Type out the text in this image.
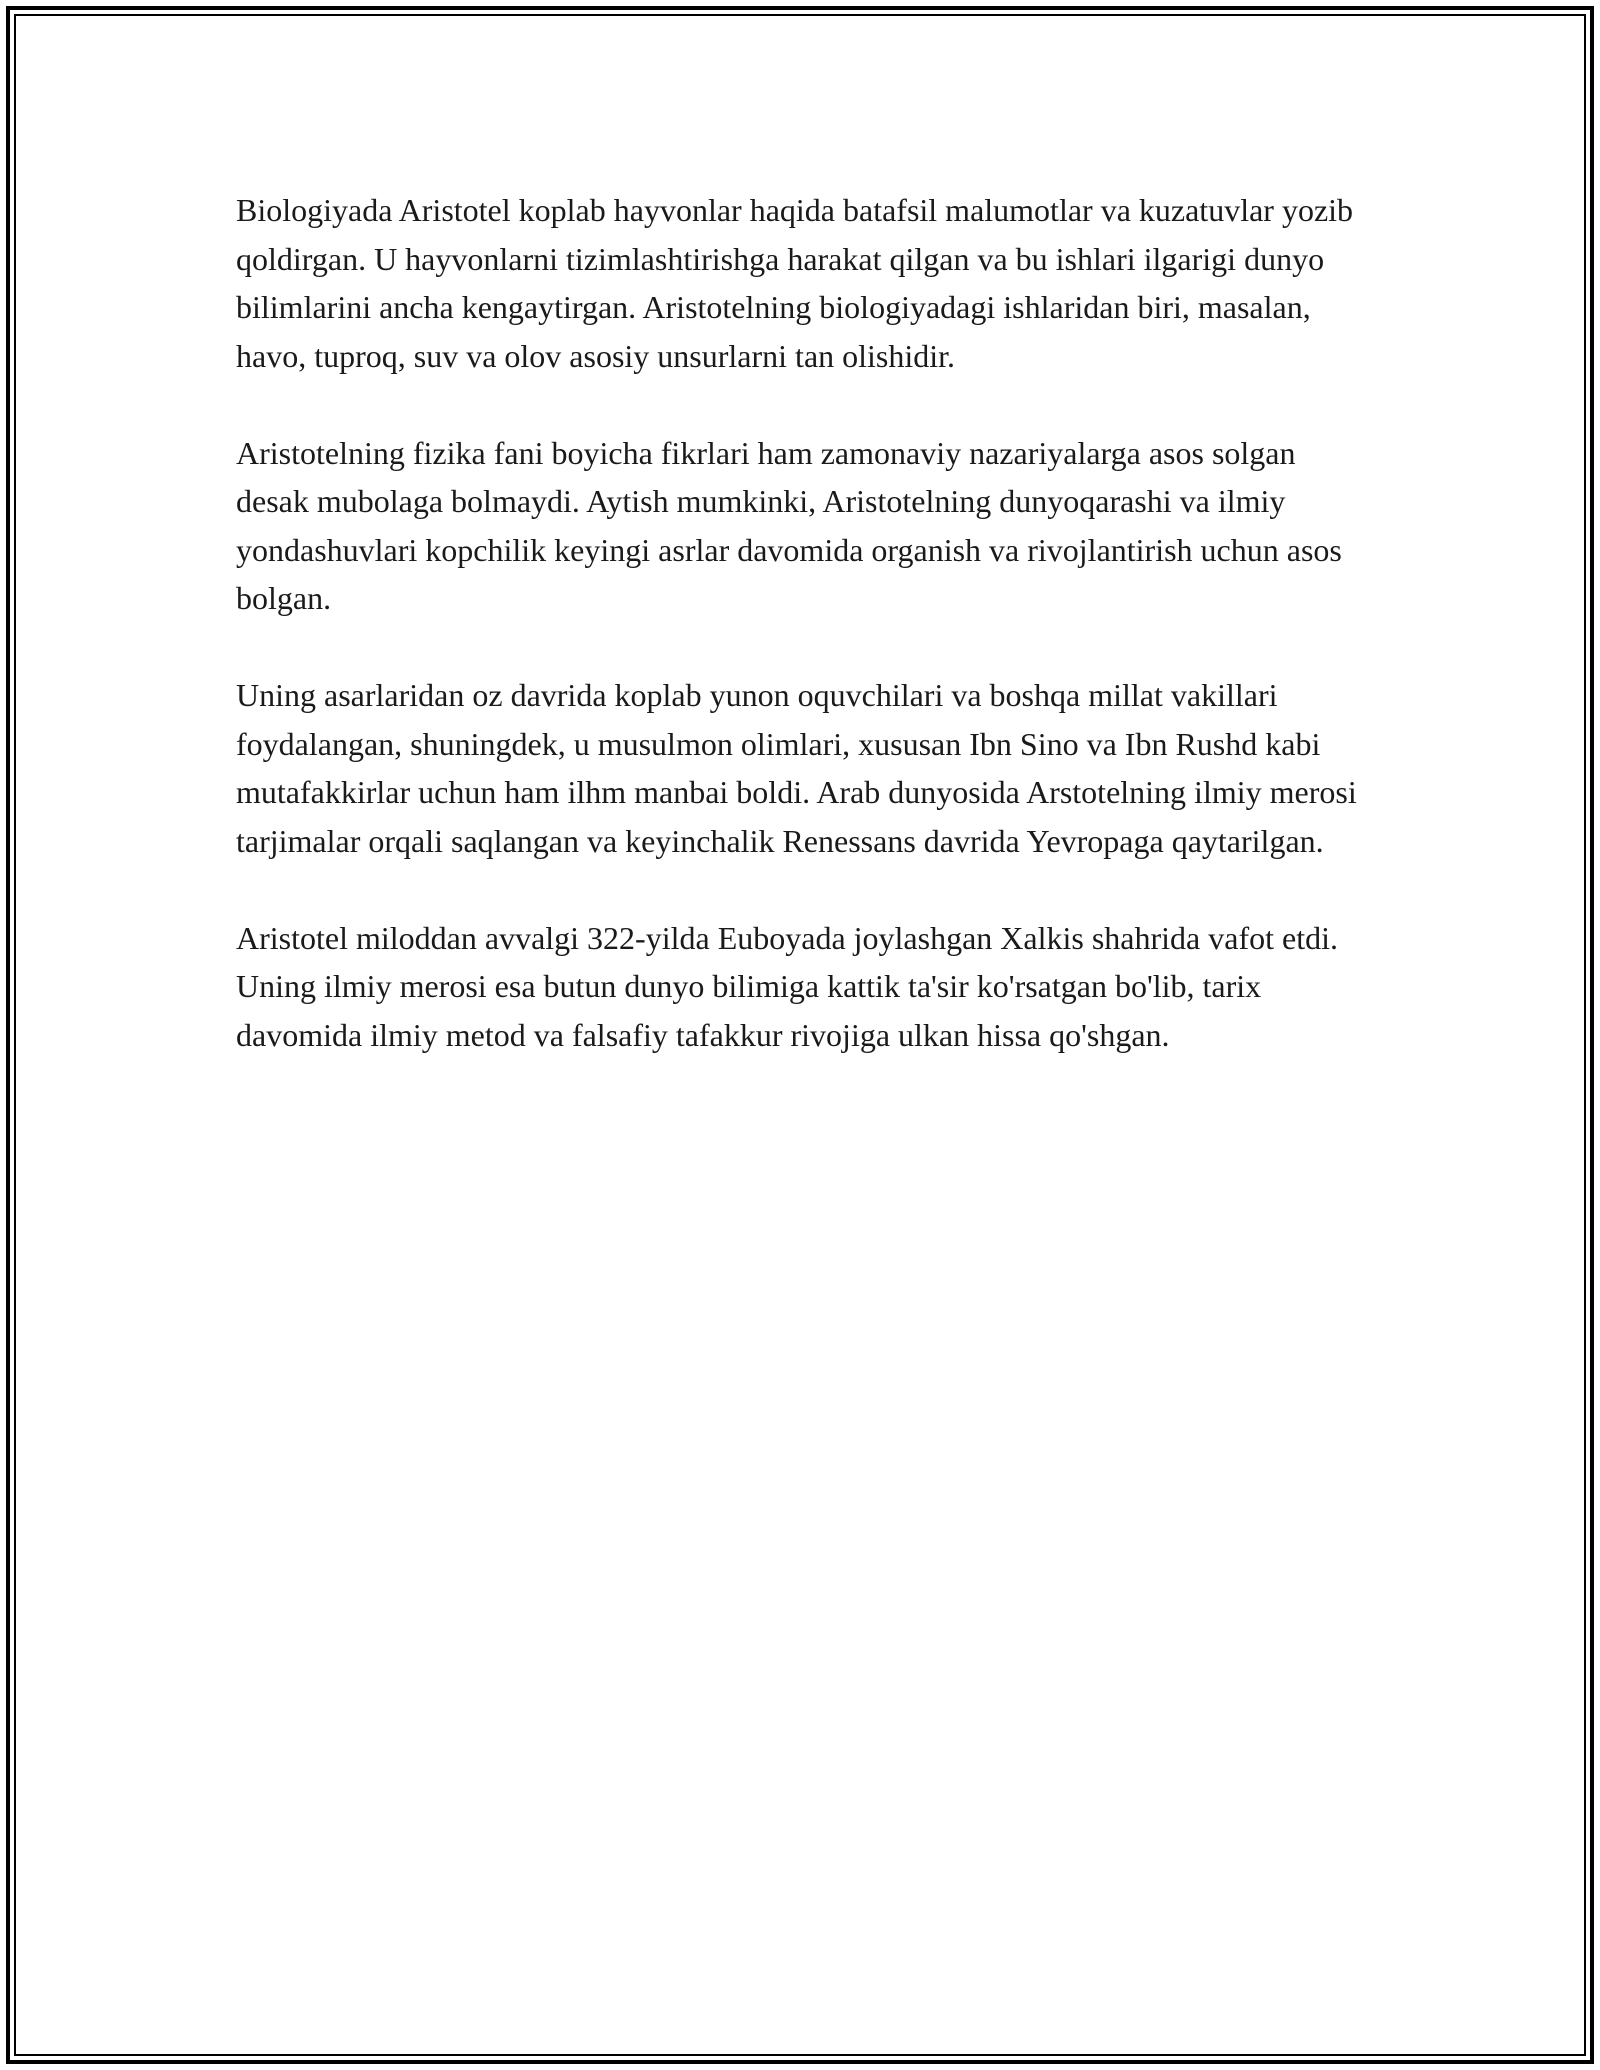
Biologiyada Aristotel koplab hayvonlar haqida batafsil malumotlar va kuzatuvlar yozib qoldirgan. U hayvonlarni tizimlashtirishga harakat qilgan va bu ishlari ilgarigi dunyo bilimlarini ancha kengaytirgan. Aristotelning biologiyadagi ishlaridan biri, masalan, havo, tuproq, suv va olov asosiy unsurlarni tan olishidir.

Aristotelning fizika fani boyicha fikrlari ham zamonaviy nazariyalarga asos solgan desak mubolaga bolmaydi. Aytish mumkinki, Aristotelning dunyoqarashi va ilmiy yondashuvlari kopchilik keyingi asrlar davomida organish va rivojlantirish uchun asos bolgan.

Uning asarlaridan oz davrida koplab yunon oquvchilari va boshqa millat vakillari foydalangan, shuningdek, u musulmon olimlari, xususan Ibn Sino va Ibn Rushd kabi mutafakkirlar uchun ham ilhm manbai boldi. Arab dunyosida Arstotelning ilmiy merosi tarjimalar orqali saqlangan va keyinchalik Renessans davrida Yevropaga qaytarilgan.

Aristotel miloddan avvalgi 322-yilda Euboyada joylashgan Xalkis shahrida vafot etdi. Uning ilmiy merosi esa butun dunyo bilimiga kattik ta'sir ko'rsatgan bo'lib, tarix davomida ilmiy metod va falsafiy tafakkur rivojiga ulkan hissa qo'shgan.
